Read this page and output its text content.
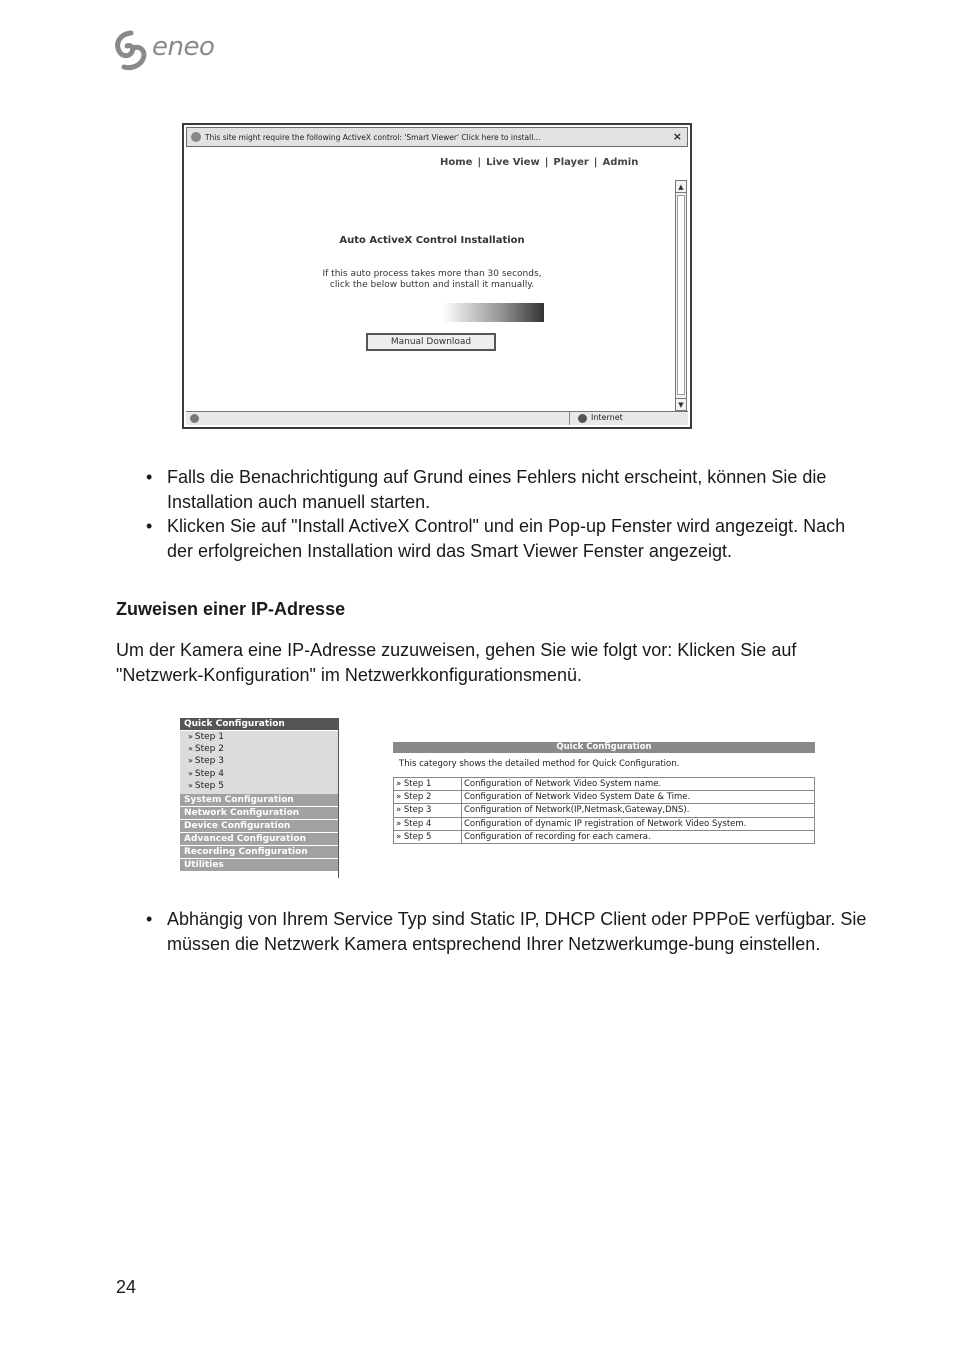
eneo
This site might require the following ActiveX control: 'Smart Viewer' Click here to install...	×
Home | Live View | Player | Admin
▲
▼
Auto ActiveX Control Installation
If this auto process takes more than 30 seconds,
click the below button and install it manually.
Manual Download
Internet
• Falls die Benachrichtigung auf Grund eines Fehlers nicht erscheint, können Sie die Installation auch manuell starten.
• Klicken Sie auf "Install ActiveX Control" und ein Pop-up Fenster wird angezeigt. Nach der erfolgreichen Installation wird das Smart Viewer Fenster angezeigt.
Zuweisen einer IP-Adresse
Um der Kamera eine IP-Adresse zuzuweisen, gehen Sie wie folgt vor: Klicken Sie auf "Netzwerk-Konfiguration" im Netzwerkkonfigurationsmenü.
Quick Configuration
» Step 1
» Step 2
» Step 3
» Step 4
» Step 5
System Configuration
Network Configuration
Device Configuration
Advanced Configuration
Recording Configuration
Utilities
Quick Configuration
This category shows the detailed method for Quick Configuration.
» Step 1	Configuration of Network Video System name.
» Step 2	Configuration of Network Video System Date & Time.
» Step 3	Configuration of Network(IP,Netmask,Gateway,DNS).
» Step 4	Configuration of dynamic IP registration of Network Video System.
» Step 5	Configuration of recording for each camera.
• Abhängig von Ihrem Service Typ sind Static IP, DHCP Client oder PPPoE verfügbar. Sie müssen die Netzwerk Kamera entsprechend Ihrer Netzwerkumge-bung einstellen.
24
